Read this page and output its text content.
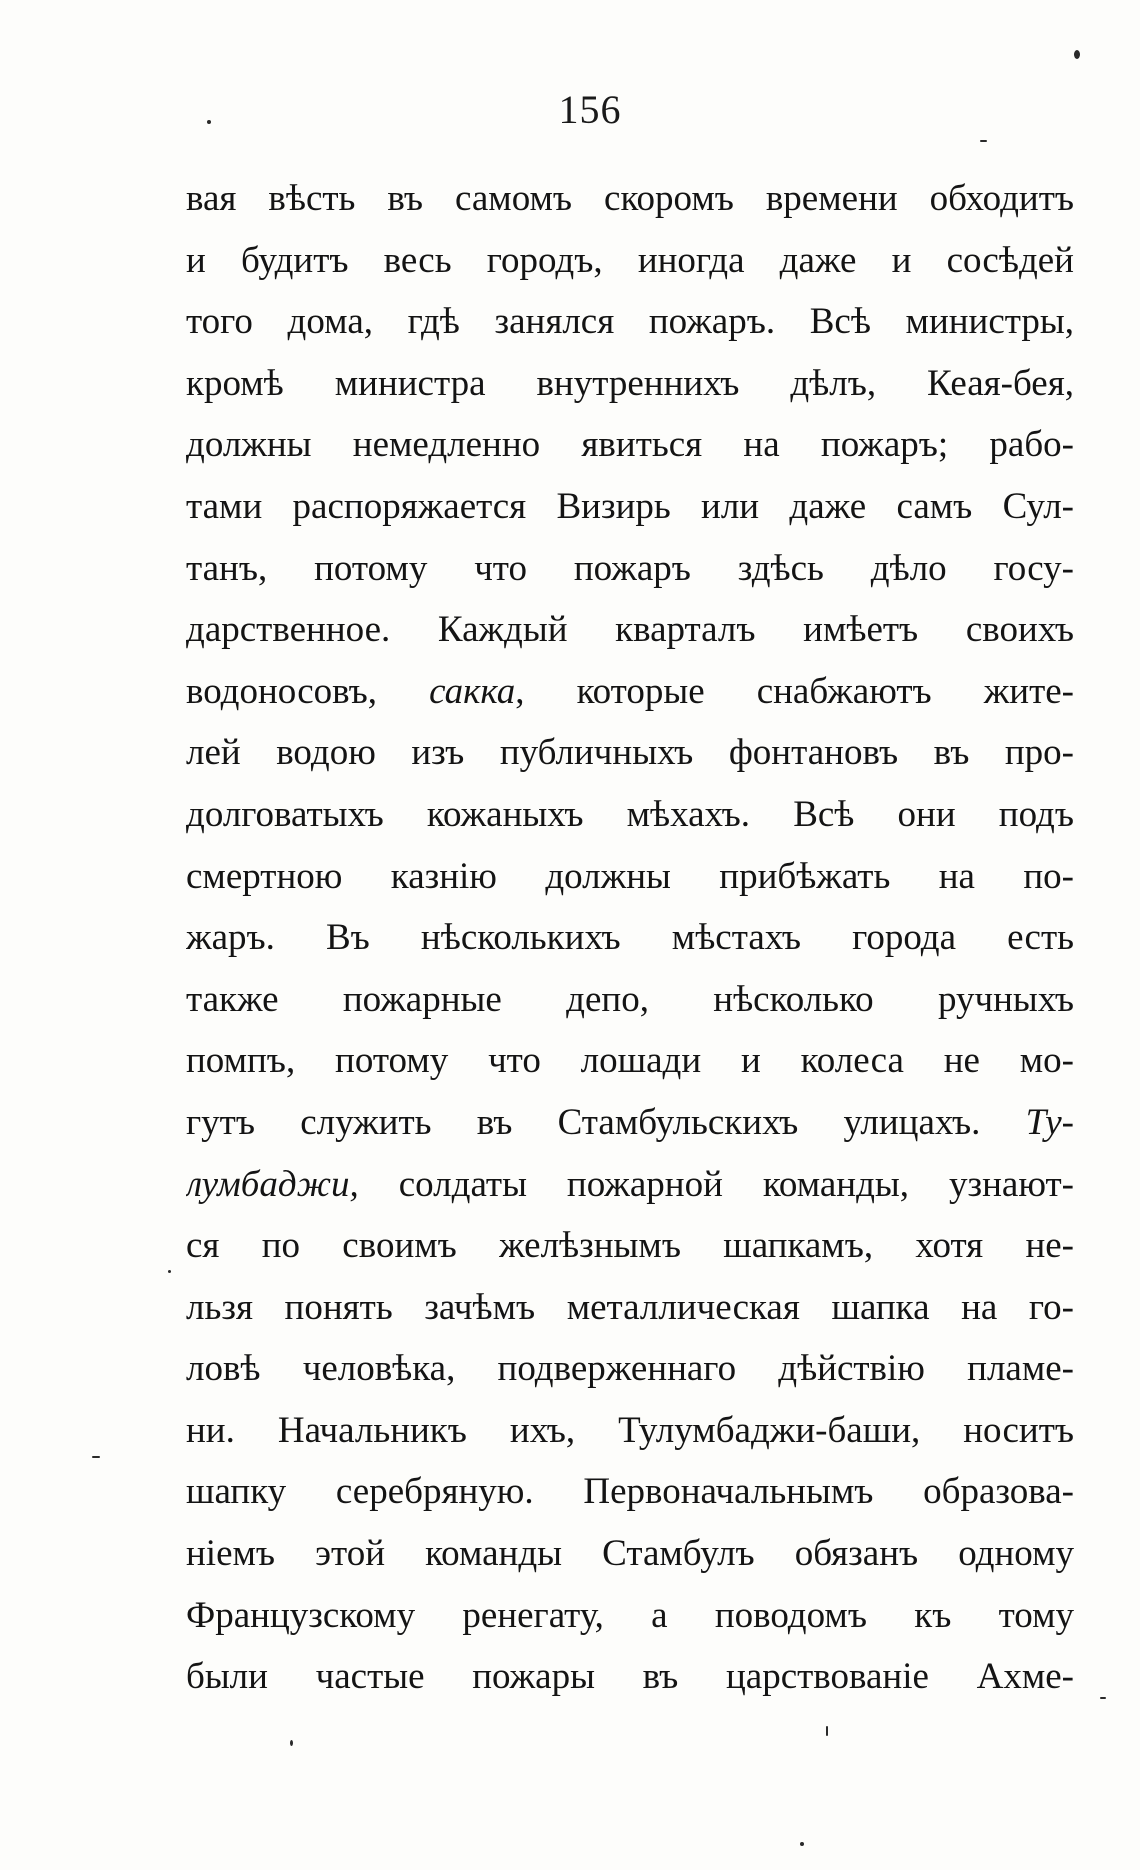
156
вая вѣсть въ самомъ скоромъ времени обходитъ
и будитъ весь городъ, иногда даже и сосѣдей
того дома, гдѣ занялся пожаръ. Всѣ министры,
кромѣ министра внутреннихъ дѣлъ, Кеая-бея,
должны немедленно явиться на пожаръ; рабо-
тами распоряжается Визирь или даже самъ Сул-
танъ, потому что пожаръ здѣсь дѣло госу-
дарственное. Каждый кварталъ имѣетъ своихъ
водоносовъ, сакка, которые снабжаютъ жите-
лей водою изъ публичныхъ фонтановъ въ про-
долговатыхъ кожаныхъ мѣхахъ. Всѣ они подъ
смертною казнію должны прибѣжать на по-
жаръ. Въ нѣсколькихъ мѣстахъ города есть
также пожарные депо, нѣсколько ручныхъ
помпъ, потому что лошади и колеса не мо-
гутъ служить въ Стамбульскихъ улицахъ. Ту-
лумбаджи, солдаты пожарной команды, узнают-
ся по своимъ желѣзнымъ шапкамъ, хотя не-
льзя понять зачѣмъ металлическая шапка на го-
ловѣ человѣка, подверженнаго дѣйствію пламе-
ни. Начальникъ ихъ, Тулумбаджи-баши, носитъ
шапку серебряную. Первоначальнымъ образова-
ніемъ этой команды Стамбулъ обязанъ одному
Французскому ренегату, а поводомъ къ тому
были частые пожары въ царствованіе Ахме-
